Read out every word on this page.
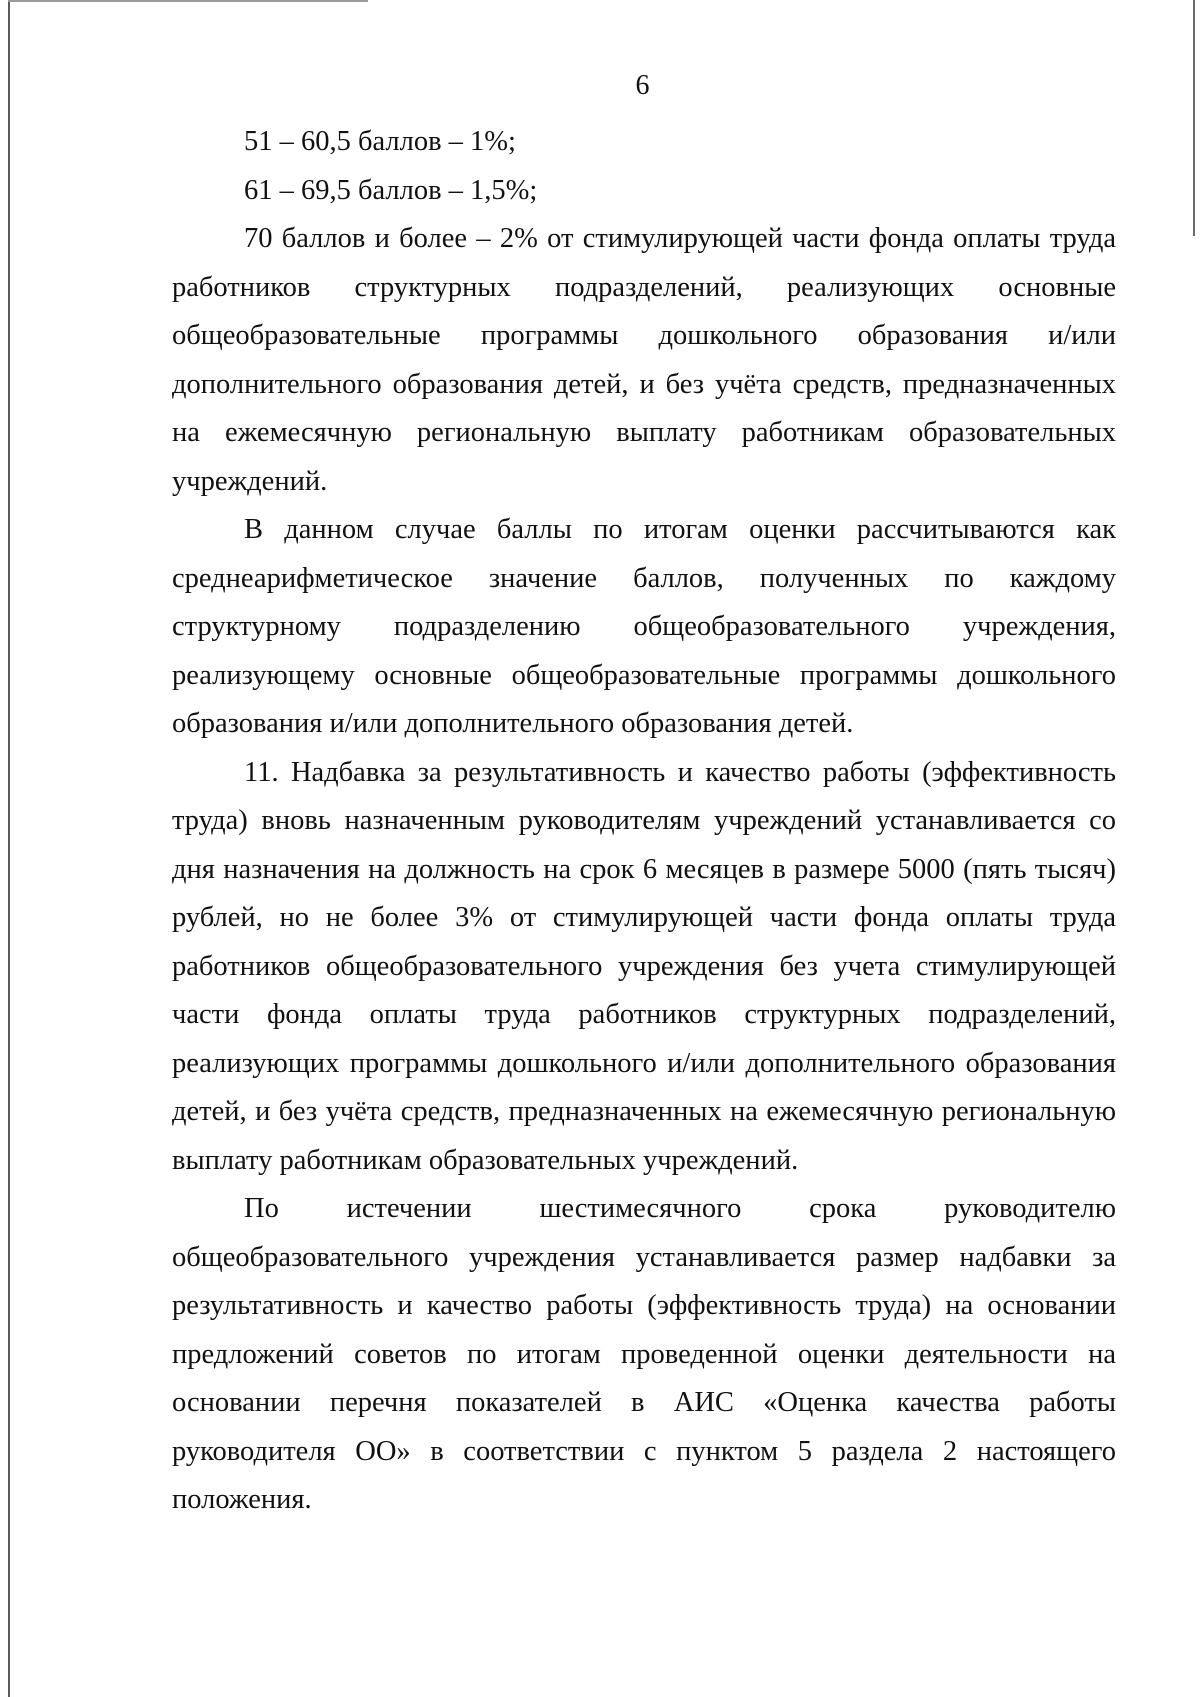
6

51 – 60,5 баллов – 1%;

61 – 69,5 баллов – 1,5%;

70 баллов и более – 2% от стимулирующей части фонда оплаты труда работников структурных подразделений, реализующих основные общеобразовательные программы дошкольного образования и/или дополнительного образования детей, и без учёта средств, предназначенных на ежемесячную региональную выплату работникам образовательных учреждений.

В данном случае баллы по итогам оценки рассчитываются как среднеарифметическое значение баллов, полученных по каждому структурному подразделению общеобразовательного учреждения, реализующему основные общеобразовательные программы дошкольного образования и/или дополнительного образования детей.

11. Надбавка за результативность и качество работы (эффективность труда) вновь назначенным руководителям учреждений устанавливается со дня назначения на должность на срок 6 месяцев в размере 5000 (пять тысяч) рублей, но не более 3% от стимулирующей части фонда оплаты труда работников общеобразовательного учреждения без учета стимулирующей части фонда оплаты труда работников структурных подразделений, реализующих программы дошкольного и/или дополнительного образования детей, и без учёта средств, предназначенных на ежемесячную региональную выплату работникам образовательных учреждений.

По истечении шестимесячного срока руководителю общеобразовательного учреждения устанавливается размер надбавки за результативность и качество работы (эффективность труда) на основании предложений советов по итогам проведенной оценки деятельности на основании перечня показателей в АИС «Оценка качества работы руководителя ОО» в соответствии с пунктом 5 раздела 2 настоящего положения.
